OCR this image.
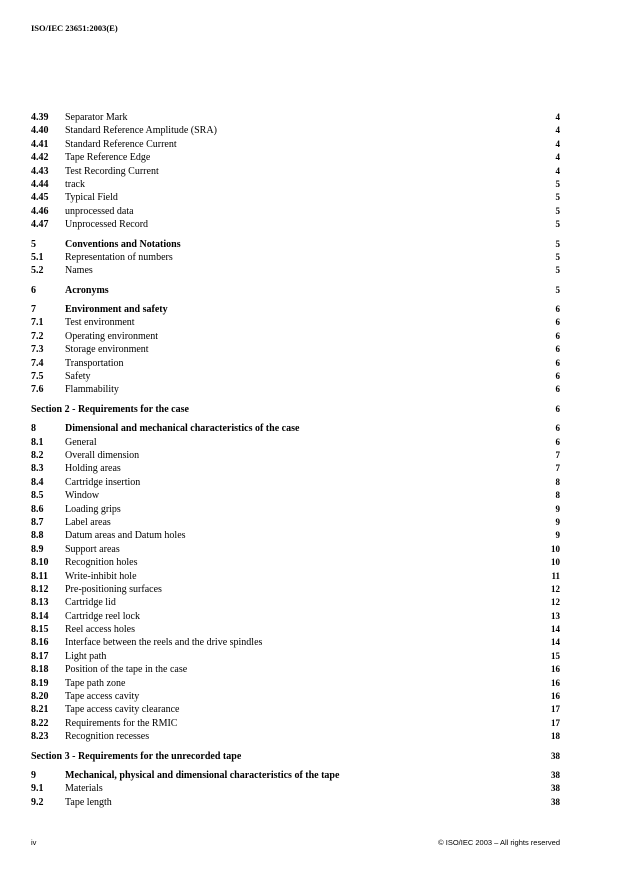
ISO/IEC 23651:2003(E)
4.39 Separator Mark	4
4.40 Standard Reference Amplitude (SRA)	4
4.41 Standard Reference Current	4
4.42 Tape Reference Edge	4
4.43 Test Recording Current	4
4.44 track	5
4.45 Typical Field	5
4.46 unprocessed data	5
4.47 Unprocessed Record	5
5	Conventions and Notations	5
5.1 Representation of numbers	5
5.2 Names	5
6	Acronyms	5
7	Environment and safety	6
7.1 Test environment	6
7.2 Operating environment	6
7.3 Storage environment	6
7.4 Transportation	6
7.5 Safety	6
7.6 Flammability	6
Section 2 - Requirements for the case	6
8	Dimensional and mechanical characteristics of the case	6
8.1 General	6
8.2 Overall dimension	7
8.3 Holding areas	7
8.4 Cartridge insertion	8
8.5 Window	8
8.6 Loading grips	9
8.7 Label areas	9
8.8 Datum areas and Datum holes	9
8.9 Support areas	10
8.10 Recognition holes	10
8.11 Write-inhibit hole	11
8.12 Pre-positioning surfaces	12
8.13 Cartridge lid	12
8.14 Cartridge reel lock	13
8.15 Reel access holes	14
8.16 Interface between the reels and the drive spindles	14
8.17 Light path	15
8.18 Position of the tape in the case	16
8.19 Tape path zone	16
8.20 Tape access cavity	16
8.21 Tape access cavity clearance	17
8.22 Requirements for the RMIC	17
8.23 Recognition recesses	18
Section 3 - Requirements for the unrecorded tape	38
9	Mechanical, physical and dimensional characteristics of the tape	38
9.1 Materials	38
9.2 Tape length	38
iv	© ISO/IEC 2003 – All rights reserved
